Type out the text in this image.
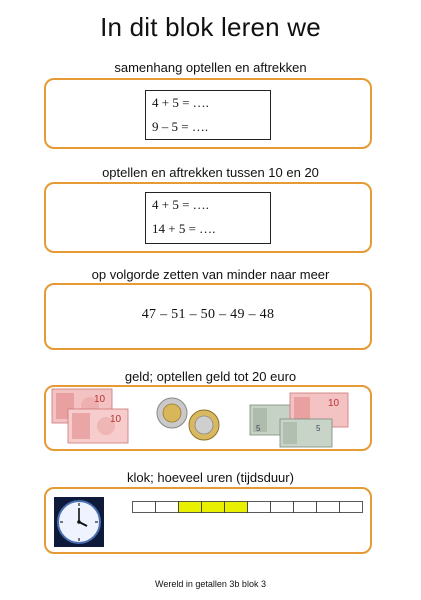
In dit blok leren we
samenhang optellen en aftrekken
4 + 5 = ….
9 – 5 = ….
optellen en aftrekken tussen 10 en 20
4 + 5 = ….
14 + 5 = ….
op volgorde zetten van minder naar meer
47 – 51 – 50 – 49 – 48
geld; optellen geld tot 20 euro
10
10
5
10
5
klok; hoeveel uren (tijdsduur)
Wereld in getallen 3b blok 3
